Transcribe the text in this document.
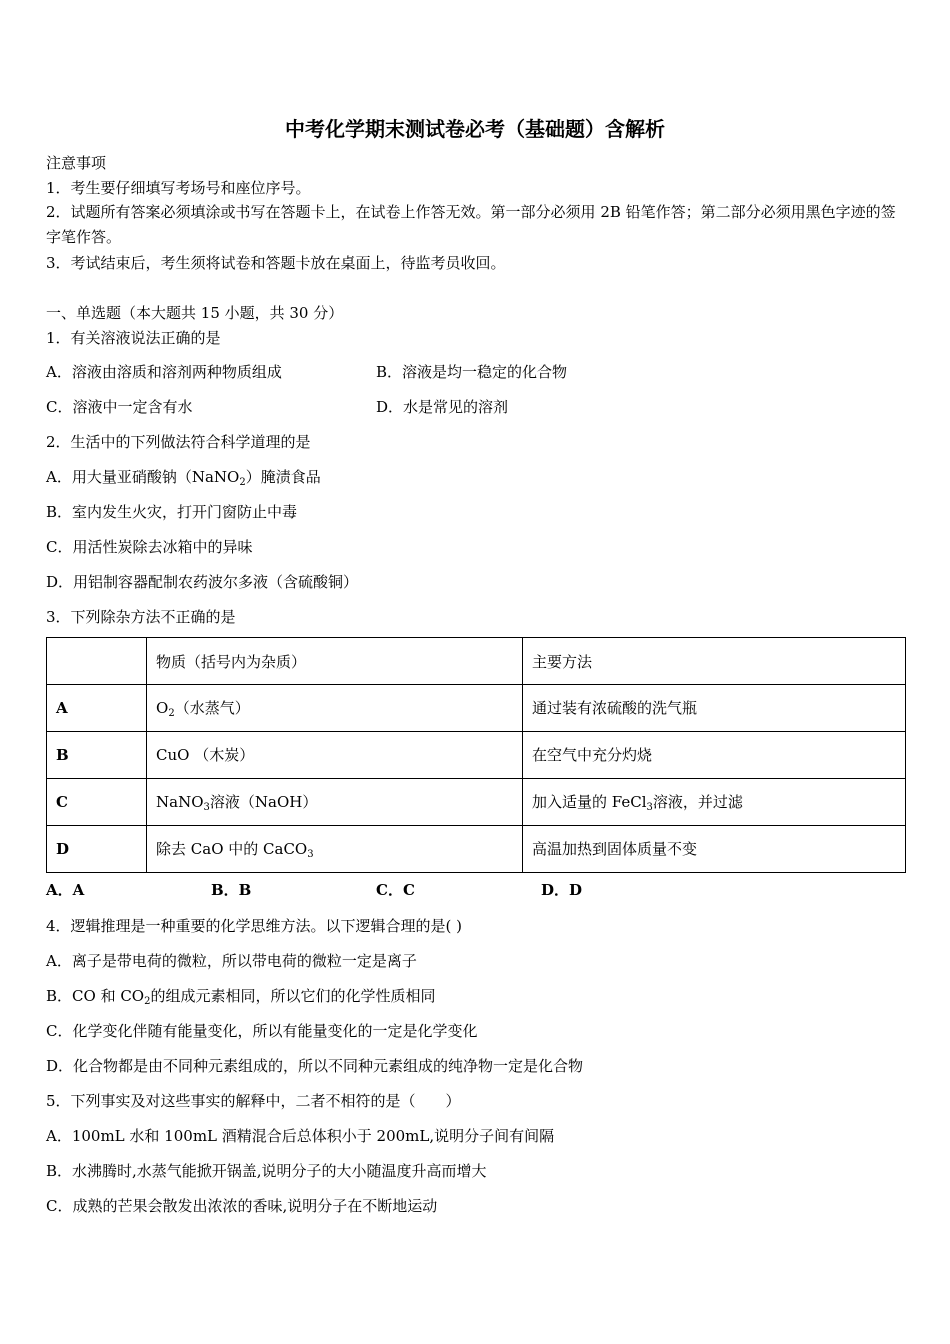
中考化学期末测试卷必考（基础题）含解析
注意事项
1．考生要仔细填写考场号和座位序号。
2．试题所有答案必须填涂或书写在答题卡上，在试卷上作答无效。第一部分必须用 2B 铅笔作答；第二部分必须用黑色字迹的签字笔作答。
3．考试结束后，考生须将试卷和答题卡放在桌面上，待监考员收回。
一、单选题（本大题共 15 小题，共 30 分）
1．有关溶液说法正确的是
A．溶液由溶质和溶剂两种物质组成	B．溶液是均一稳定的化合物
C．溶液中一定含有水	D．水是常见的溶剂
2．生活中的下列做法符合科学道理的是
A．用大量亚硝酸钠（NaNO$_2$）腌渍食品
B．室内发生火灾，打开门窗防止中毒
C．用活性炭除去冰箱中的异味
D．用铝制容器配制农药波尔多液（含硫酸铜）
3．下列除杂方法不正确的是
	物质（括号内为杂质）	主要方法
A	$O_2$（水蒸气）	通过装有浓硫酸的洗气瓶
B	CuO （木炭）	在空气中充分灼烧
C	NaNO$_3$溶液（NaOH）	加入适量的 FeCl$_3$溶液，并过滤
D	除去 CaO 中的 CaCO$_3$	高温加热到固体质量不变
A．A	B．B	C．C	D．D
4．逻辑推理是一种重要的化学思维方法。以下逻辑合理的是( )
A．离子是带电荷的微粒，所以带电荷的微粒一定是离子
B．CO 和 $CO_2$的组成元素相同，所以它们的化学性质相同
C．化学变化伴随有能量变化，所以有能量变化的一定是化学变化
D．化合物都是由不同种元素组成的，所以不同种元素组成的纯净物一定是化合物
5．下列事实及对这些事实的解释中，二者不相符的是（　　）
A．100mL 水和 100mL 酒精混合后总体积小于 200mL,说明分子间有间隔
B．水沸腾时,水蒸气能掀开锅盖,说明分子的大小随温度升高而增大
C．成熟的芒果会散发出浓浓的香味,说明分子在不断地运动
